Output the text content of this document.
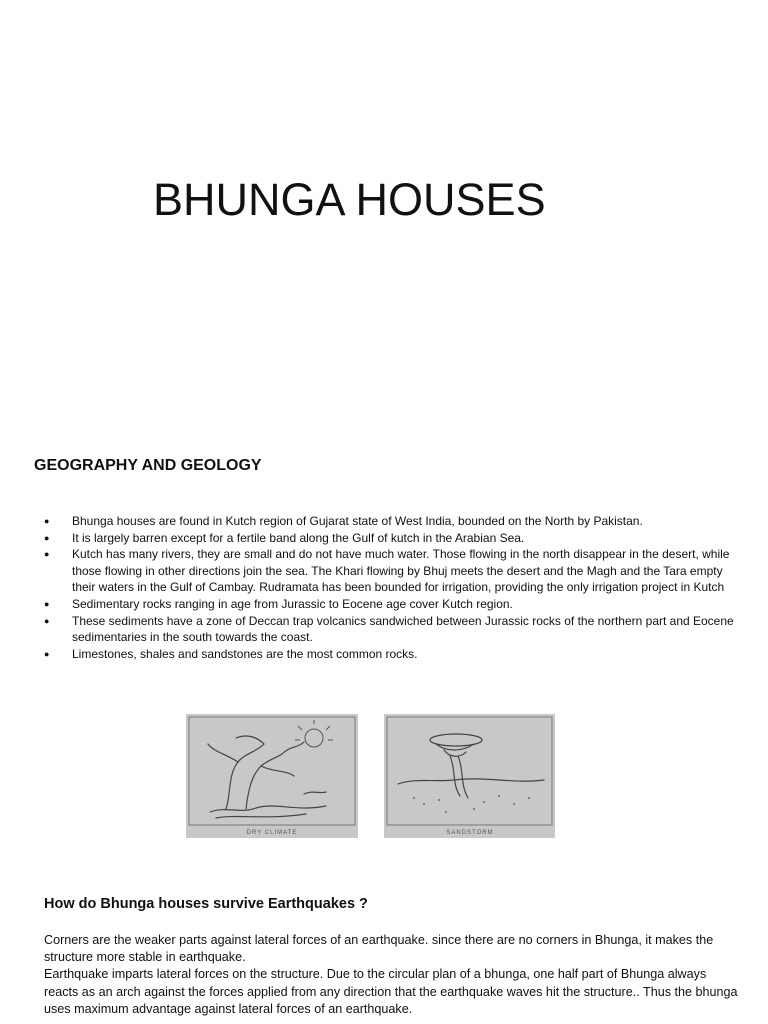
BHUNGA HOUSES
GEOGRAPHY AND GEOLOGY
● Bhunga houses are found in Kutch region of Gujarat state of West India, bounded on the North by Pakistan.
● It is largely barren except for a fertile band along the Gulf of kutch in the Arabian Sea.
● Kutch has many rivers, they are small and do not have much water. Those flowing in the north disappear in the desert, while those flowing in other directions join the sea. The Khari flowing by Bhuj meets the desert and the Magh and the Tara empty their waters in the Gulf of Cambay. Rudramata has been bounded for irrigation, providing the only irrigation project in Kutch
● Sedimentary rocks ranging in age from Jurassic to Eocene age cover Kutch region.
● These sediments have a zone of Deccan trap volcanics sandwiched between Jurassic rocks of the northern part and Eocene sedimentaries in the south towards the coast.
● Limestones, shales and sandstones are the most common rocks.
DRY CLIMATE	SANDSTORM
How do Bhunga houses survive Earthquakes ?

Corners are the weaker parts against lateral forces of an earthquake. since there are no corners in Bhunga, it makes the structure more stable in earthquake.

Earthquake imparts lateral forces on the structure. Due to the circular plan of a bhunga, one half part of Bhunga always reacts as an arch against the forces applied from any direction that the earthquake waves hit the structure.. Thus the bhunga uses maximum advantage against lateral forces of an earthquake.
